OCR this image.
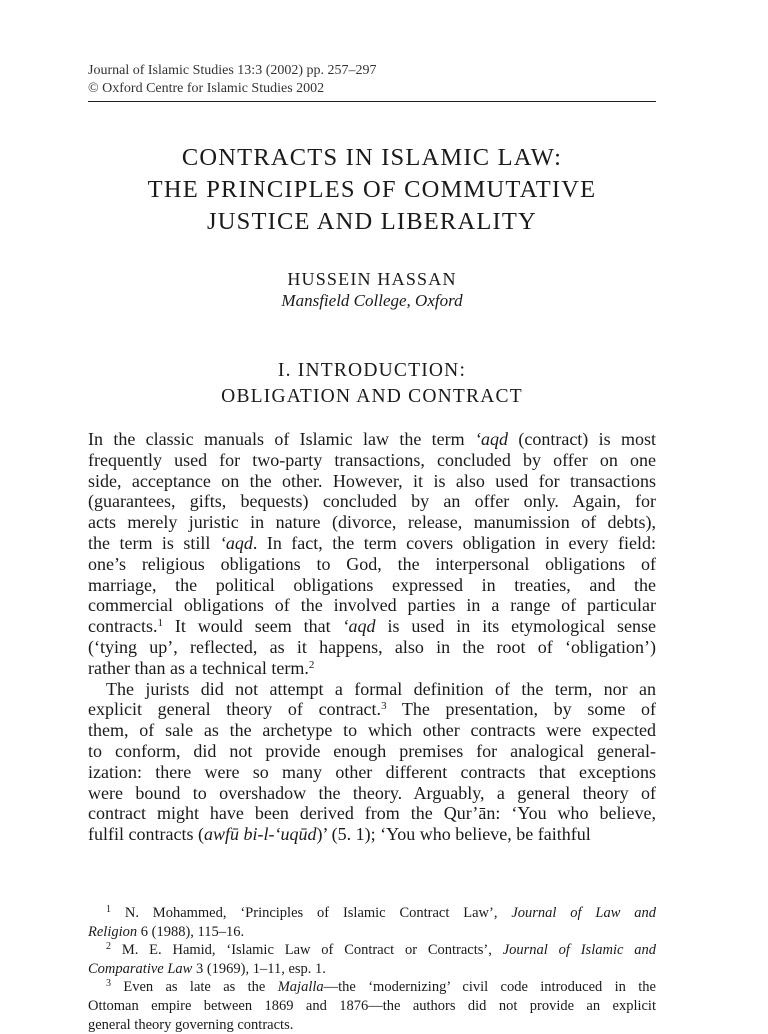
Journal of Islamic Studies 13:3 (2002) pp. 257–297
© Oxford Centre for Islamic Studies 2002
CONTRACTS IN ISLAMIC LAW:
THE PRINCIPLES OF COMMUTATIVE
JUSTICE AND LIBERALITY
HUSSEIN HASSAN
Mansfield College, Oxford
I. INTRODUCTION:
OBLIGATION AND CONTRACT
In the classic manuals of Islamic law the term ‘aqd (contract) is most
frequently used for two-party transactions, concluded by offer on one
side, acceptance on the other. However, it is also used for transactions
(guarantees, gifts, bequests) concluded by an offer only. Again, for
acts merely juristic in nature (divorce, release, manumission of debts),
the term is still ‘aqd. In fact, the term covers obligation in every field:
one’s religious obligations to God, the interpersonal obligations of
marriage, the political obligations expressed in treaties, and the
commercial obligations of the involved parties in a range of particular
contracts.$^1$ It would seem that ‘aqd is used in its etymological sense
(‘tying up’, reflected, as it happens, also in the root of ‘obligation’)
rather than as a technical term.$^2$
The jurists did not attempt a formal definition of the term, nor an
explicit general theory of contract.$^3$ The presentation, by some of
them, of sale as the archetype to which other contracts were expected
to conform, did not provide enough premises for analogical general-
ization: there were so many other different contracts that exceptions
were bound to overshadow the theory. Arguably, a general theory of
contract might have been derived from the Qur’ān: ‘You who believe,
fulfil contracts (awfū bi-l-‘uqūd)’ (5. 1); ‘You who believe, be faithful
$^1$ N. Mohammed, ‘Principles of Islamic Contract Law’, Journal of Law and
Religion 6 (1988), 115–16.
$^2$ M. E. Hamid, ‘Islamic Law of Contract or Contracts’, Journal of Islamic and
Comparative Law 3 (1969), 1–11, esp. 1.
$^3$ Even as late as the Majalla—the ‘modernizing’ civil code introduced in the
Ottoman empire between 1869 and 1876—the authors did not provide an explicit
general theory governing contracts.
